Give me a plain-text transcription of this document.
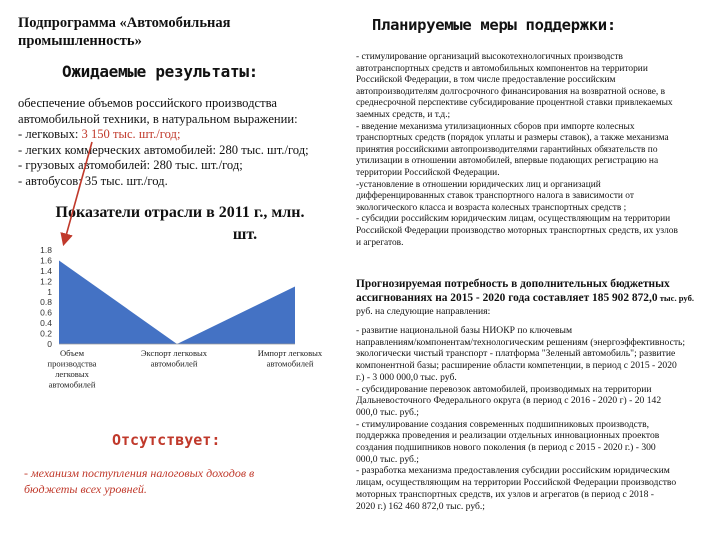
Подпрограмма «Автомобильная
промышленность»
Ожидаемые результаты:
обеспечение объемов российского производства
автомобильной техники, в натуральном выражении:
- легковых: 3 150 тыс. шт./год;
- легких коммерческих автомобилей: 280 тыс. шт./год;
- грузовых автомобилей: 280 тыс. шт./год;
- автобусов: 35 тыс. шт./год.
Показатели отрасли в 2011 г., млн.
шт.
0
0.2
0.4
0.6
0.8
1
1.2
1.4
1.6
1.8
Объем производства легковых автомобилей
Экспорт легковых автомобилей
Импорт легковых автомобилей
Отсутствует:
- механизм поступления налоговых доходов в
бюджеты всех уровней.
Планируемые меры поддержки:
- стимулирование организаций высокотехнологичных производств
автотранспортных средств и автомобильных компонентов на территории
Российской Федерации, в том числе предоставление российским
автопроизводителям долгосрочного финансирования на возвратной основе, в
среднесрочной перспективе субсидирование процентной ставки привлекаемых
заемных средств, и т.д.;
- введение механизма утилизационных сборов при импорте колесных
транспортных средств (порядок уплаты и размеры ставок), а также механизма
принятия российскими автопроизводителями гарантийных обязательств по
утилизации в отношении автомобилей, впервые подающих регистрацию на
территории Российской Федерации.
-установление в отношении юридических лиц и организаций
дифференцированных ставок транспортного налога в зависимости от
экологического класса и возраста колесных транспортных средств ;
- субсидии российским юридическим лицам, осуществляющим на территории
Российской Федерации производство моторных транспортных средств, их узлов
и агрегатов.
Прогнозируемая потребность в дополнительных бюджетных
ассигнованиях на 2015 - 2020 года составляет 185 902 872,0 тыс. руб.
руб. на следующие направления:
- развитие национальной базы НИОКР по ключевым
направлениям/компонентам/технологическим решениям (энергоэффективность;
экологически чистый транспорт - платформа "Зеленый автомобиль"; развитие
компонентной базы; расширение области компетенции, в период с 2015 - 2020
г.) - 3 000 000,0 тыс. руб.
- субсидирование перевозок автомобилей, производимых на территории
Дальневосточного Федерального округа (в период с 2016 - 2020 г) - 20 142
000,0 тыс. руб.;
- стимулирование создания современных подшипниковых производств,
поддержка проведения и реализации отдельных инновационных проектов
создания подшипников нового поколения (в период с 2015 - 2020 г.) - 300
000,0 тыс. руб.;
- разработка механизма предоставления субсидии российским юридическим
лицам, осуществляющим на территории Российской Федерации производство
моторных транспортных средств, их узлов и агрегатов (в период с 2018 -
2020 г.) 162 460 872,0 тыс. руб.;
